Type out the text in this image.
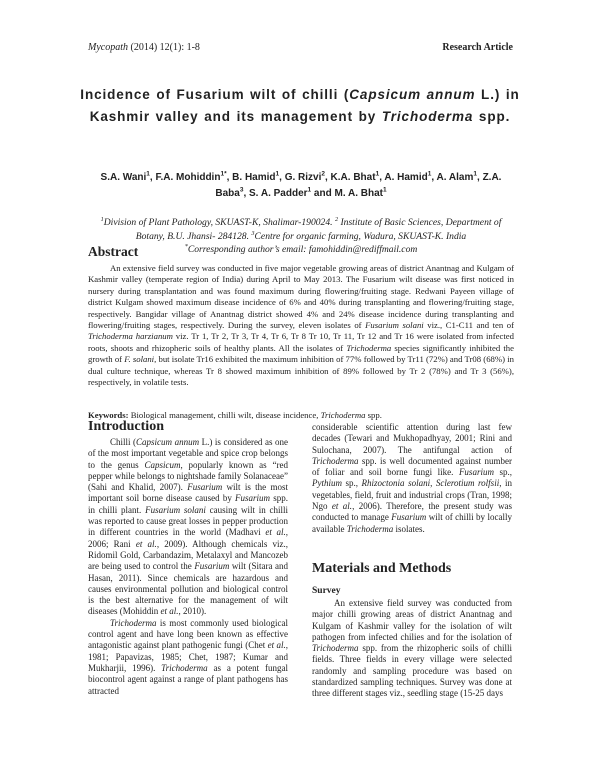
Mycopath (2014) 12(1): 1-8	Research Article
Incidence of Fusarium wilt of chilli (Capsicum annum L.) in Kashmir valley and its management by Trichoderma spp.
S.A. Wani$^1$, F.A. Mohiddin$^{1*}$, B. Hamid$^1$, G. Rizvi$^2$, K.A. Bhat$^1$, A. Hamid$^1$, A. Alam$^1$, Z.A. Baba$^3$, S. A. Padder$^1$ and M. A. Bhat$^1$
$^1$Division of Plant Pathology, SKUAST-K, Shalimar-190024. $^2$ Institute of Basic Sciences, Department of Botany, B.U. Jhansi- 284128. $^3$Centre for organic farming, Wadura, SKUAST-K. India
*Corresponding author’s email: famohiddin@rediffmail.com
Abstract

An extensive field survey was conducted in five major vegetable growing areas of district Anantnag and Kulgam of Kashmir valley (temperate region of India) during April to May 2013. The Fusarium wilt disease was first noticed in nursery during transplantation and was found maximum during flowering/fruiting stage. Redwani Payeen village of district Kulgam showed maximum disease incidence of 6% and 40% during transplanting and flowering/fruiting stage, respectively. Bangidar village of Anantnag district showed 4% and 24% disease incidence during transplanting and flowering/fruiting stages, respectively. During the survey, eleven isolates of Fusarium solani viz., C1-C11 and ten of Trichoderma harzianum viz. Tr 1, Tr 2, Tr 3, Tr 4, Tr 6, Tr 8 Tr 10, Tr 11, Tr 12 and Tr 16 were isolated from infected roots, shoots and rhizopheric soils of healthy plants. All the isolates of Trichoderma species significantly inhibited the growth of F. solani, but isolate Tr16 exhibited the maximum inhibition of 77% followed by Tr11 (72%) and Tr08 (68%) in dual culture technique, whereas Tr 8 showed maximum inhibition of 89% followed by Tr 2 (78%) and Tr 3 (56%), respectively, in volatile tests.

Keywords: Biological management, chilli wilt, disease incidence, Trichoderma spp.
Introduction

Chilli (Capsicum annum L.) is considered as one of the most important vegetable and spice crop belongs to the genus Capsicum, popularly known as “red pepper while belongs to nightshade family Solanaceae” (Sahi and Khalid, 2007). Fusarium wilt is the most important soil borne disease caused by Fusarium spp. in chilli plant. Fusarium solani causing wilt in chilli was reported to cause great losses in pepper production in different countries in the world (Madhavi et al., 2006; Rani et al., 2009). Although chemicals viz., Ridomil Gold, Carbandazim, Metalaxyl and Mancozeb are being used to control the Fusarium wilt (Sitara and Hasan, 2011). Since chemicals are hazardous and causes environmental pollution and biological control is the best alternative for the management of wilt diseases (Mohiddin et al., 2010).

Trichoderma is most commonly used biological control agent and have long been known as effective antagonistic against plant pathogenic fungi (Chet et al., 1981; Papavizas, 1985; Chet, 1987; Kumar and Mukharjii, 1996). Trichoderma as a potent fungal biocontrol agent against a range of plant pathogens has attracted

considerable scientific attention during last few decades (Tewari and Mukhopadhyay, 2001; Rini and Sulochana, 2007). The antifungal action of Trichoderma spp. is well documented against number of foliar and soil borne fungi like. Fusarium sp., Pythium sp., Rhizoctonia solani, Sclerotium rolfsii, in vegetables, field, fruit and industrial crops (Tran, 1998; Ngo et al., 2006). Therefore, the present study was conducted to manage Fusarium wilt of chilli by locally available Trichoderma isolates.

Materials and Methods
Survey

An extensive field survey was conducted from major chilli growing areas of district Anantnag and Kulgam of Kashmir valley for the isolation of wilt pathogen from infected chilies and for the isolation of Trichoderma spp. from the rhizopheric soils of chilli fields. Three fields in every village were selected randomly and sampling procedure was based on standardized sampling techniques. Survey was done at three different stages viz., seedling stage (15-25 days
